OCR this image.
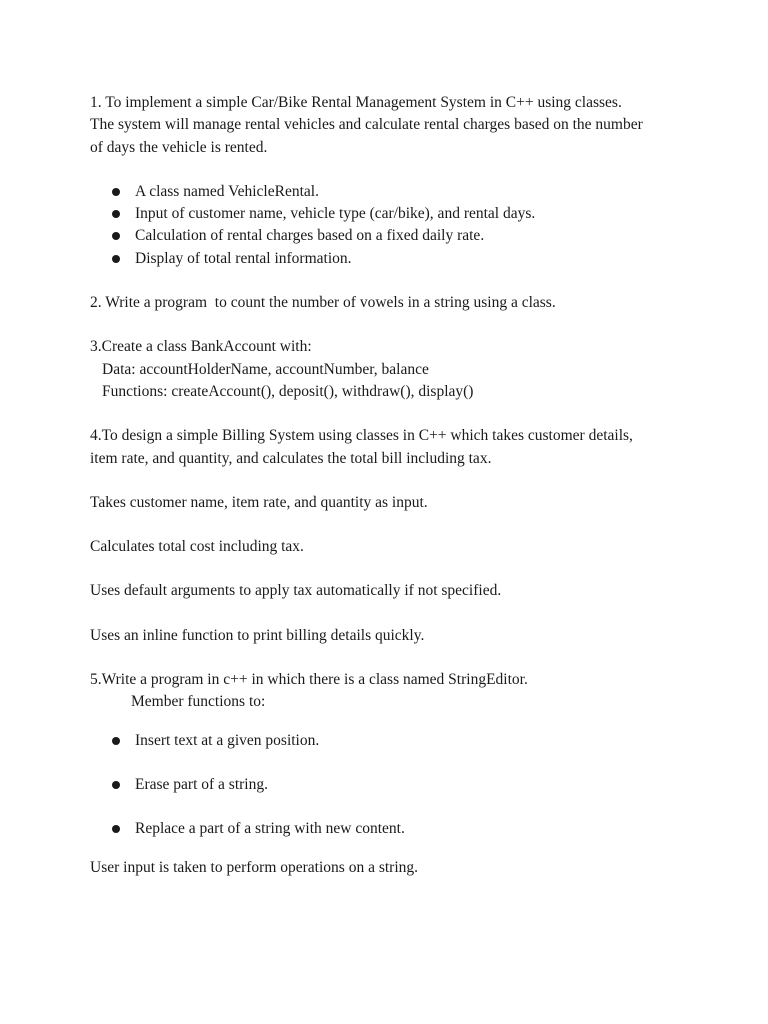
1. To implement a simple Car/Bike Rental Management System in C++ using classes.

The system will manage rental vehicles and calculate rental charges based on the number

of days the vehicle is rented.

A class named VehicleRental.
Input of customer name, vehicle type (car/bike), and rental days.
Calculation of rental charges based on a fixed daily rate.
Display of total rental information.

2. Write a program  to count the number of vowels in a string using a class.

3.Create a class BankAccount with:

Data: accountHolderName, accountNumber, balance

Functions: createAccount(), deposit(), withdraw(), display()

4.To design a simple Billing System using classes in C++ which takes customer details,

item rate, and quantity, and calculates the total bill including tax.

Takes customer name, item rate, and quantity as input.

Calculates total cost including tax.

Uses default arguments to apply tax automatically if not specified.

Uses an inline function to print billing details quickly.

5.Write a program in c++ in which there is a class named StringEditor.

Member functions to:

Insert text at a given position.
Erase part of a string.
Replace a part of a string with new content.

User input is taken to perform operations on a string.
